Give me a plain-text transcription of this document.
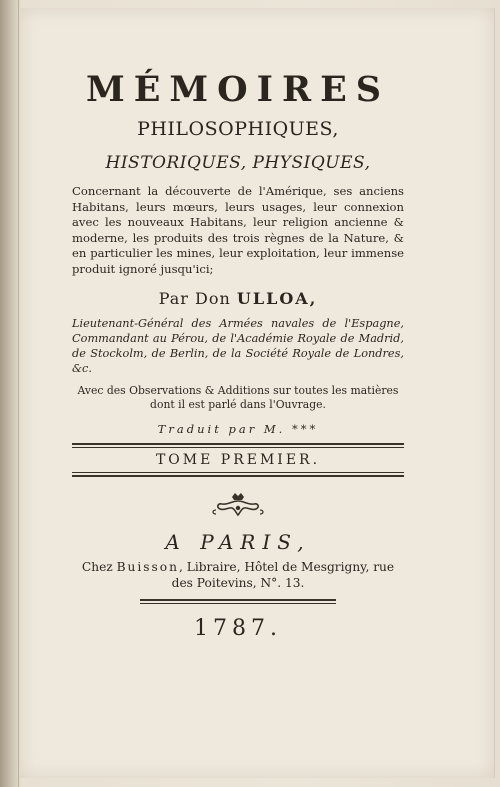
MÉMOIRES

PHILOSOPHIQUES,

HISTORIQUES, PHYSIQUES,

Concernant la découverte de l'Amérique, ses anciens Habitans, leurs mœurs, leurs usages, leur connexion avec les nouveaux Habitans, leur religion ancienne & moderne, les produits des trois règnes de la Nature, & en particulier les mines, leur exploitation, leur immense produit ignoré jusqu'ici;

Par Don ULLOA,

Lieutenant-Général des Armées navales de l'Espagne, Commandant au Pérou, de l'Académie Royale de Madrid, de Stockolm, de Berlin, de la Société Royale de Londres, &c.

Avec des Observations & Additions sur toutes les matières dont il est parlé dans l'Ouvrage.

Traduit par M. ***

TOME PREMIER.

A PARIS,

Chez Buisson, Libraire, Hôtel de Mesgrigny, rue des Poitevins, N°. 13.

1787.
